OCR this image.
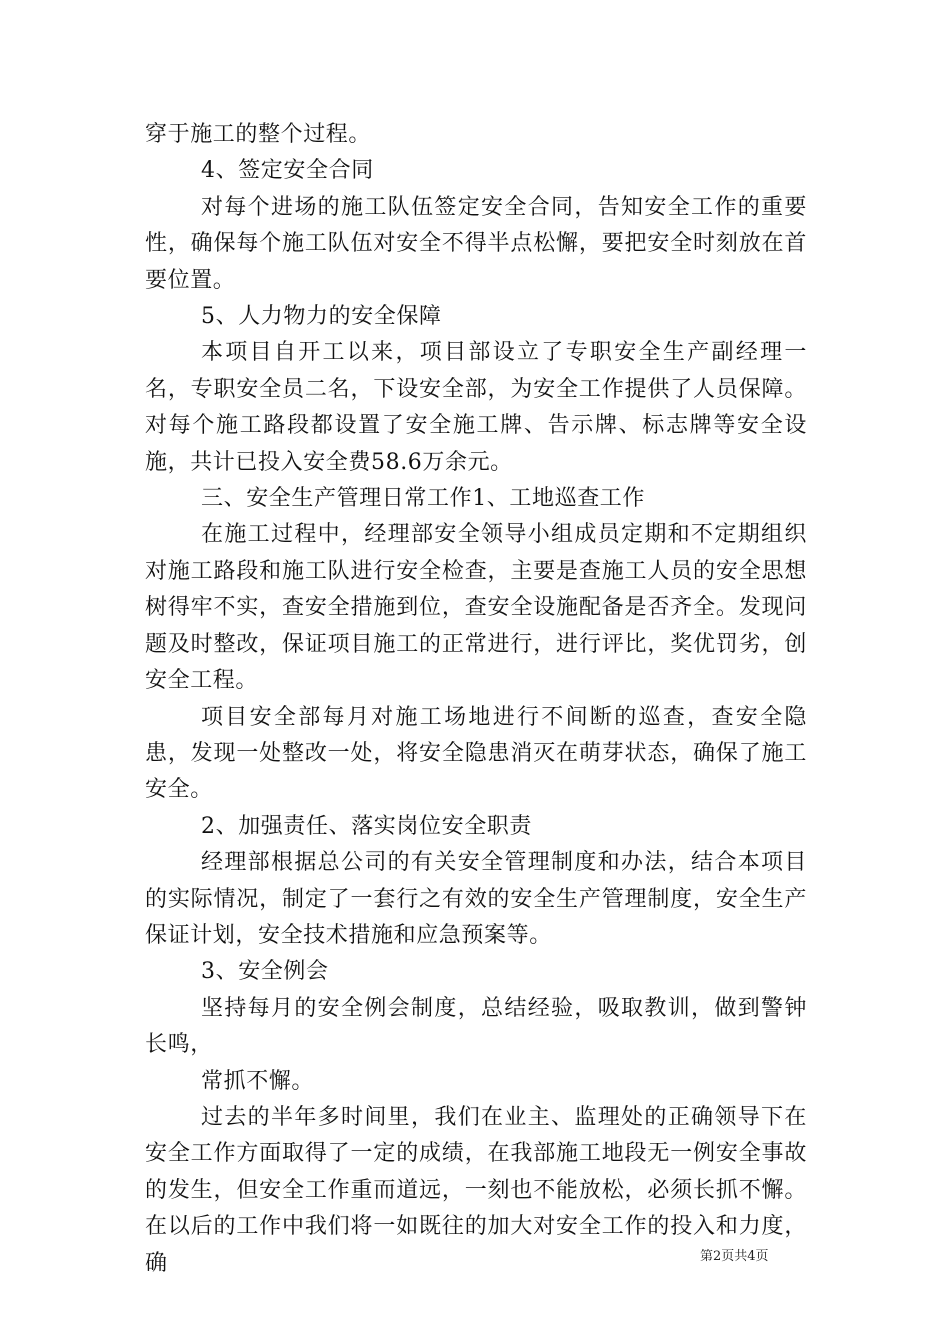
穿于施工的整个过程。

4、签定安全合同

对每个进场的施工队伍签定安全合同，告知安全工作的重要性，确保每个施工队伍对安全不得半点松懈，要把安全时刻放在首要位置。

5、人力物力的安全保障

本项目自开工以来，项目部设立了专职安全生产副经理一名，专职安全员二名，下设安全部，为安全工作提供了人员保障。对每个施工路段都设置了安全施工牌、告示牌、标志牌等安全设施，共计已投入安全费58.6万余元。

三、安全生产管理日常工作1、工地巡查工作

在施工过程中，经理部安全领导小组成员定期和不定期组织对施工路段和施工队进行安全检查，主要是查施工人员的安全思想树得牢不实，查安全措施到位，查安全设施配备是否齐全。发现问题及时整改，保证项目施工的正常进行，进行评比，奖优罚劣，创安全工程。

项目安全部每月对施工场地进行不间断的巡查，查安全隐患，发现一处整改一处，将安全隐患消灭在萌芽状态，确保了施工安全。

2、加强责任、落实岗位安全职责

经理部根据总公司的有关安全管理制度和办法，结合本项目的实际情况，制定了一套行之有效的安全生产管理制度，安全生产保证计划，安全技术措施和应急预案等。

3、安全例会

坚持每月的安全例会制度，总结经验，吸取教训，做到警钟长鸣，

常抓不懈。

过去的半年多时间里，我们在业主、监理处的正确领导下在安全工作方面取得了一定的成绩，在我部施工地段无一例安全事故的发生，但安全工作重而道远，一刻也不能放松，必须长抓不懈。在以后的工作中我们将一如既往的加大对安全工作的投入和力度，确	第2页共4页
